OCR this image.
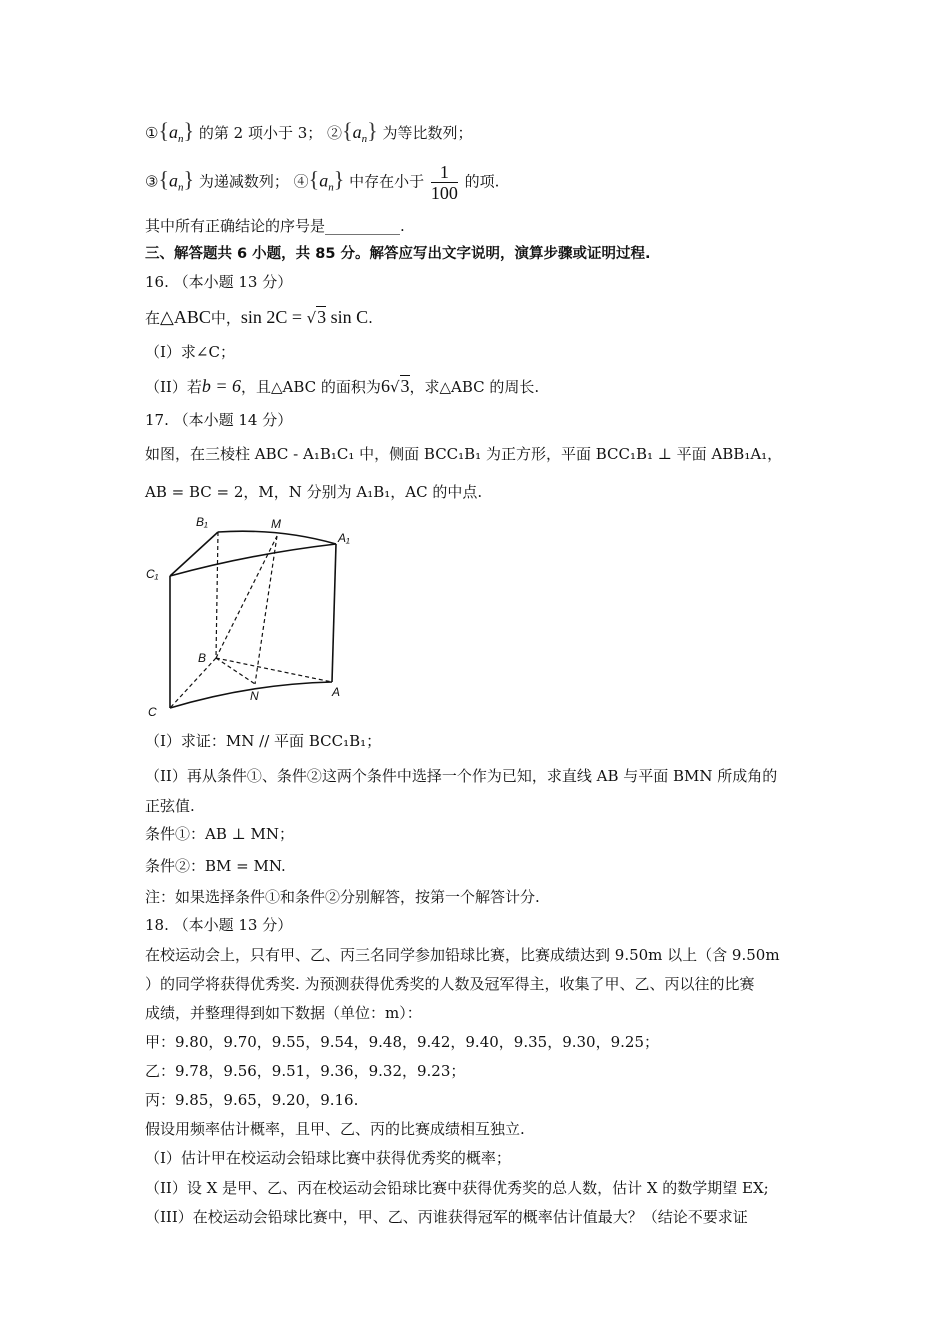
$①\{a_n\}$ 的第 2 项小于 3； $②\{a_n\}$ 为等比数列；
$③\{a_n\}$ 为递减数列； $④\{a_n\}$ 中存在小于 $\frac{1}{100}$ 的项.
其中所有正确结论的序号是__________.
三、解答题共 6 小题，共 85 分。解答应写出文字说明，演算步骤或证明过程.
16. （本小题 13 分）
在△ABC中，sin 2C = √3 sin C.
（I）求∠C；
（II）若b = 6，且△ABC 的面积为6√3，求△ABC 的周长.
17. （本小题 14 分）
如图，在三棱柱 ABC - A₁B₁C₁ 中，侧面 BCC₁B₁ 为正方形，平面 BCC₁B₁ ⊥ 平面 ABB₁A₁，
AB = BC = 2，M，N 分别为 A₁B₁，AC 的中点.
B₁	M
A₁
C₁
B
N	A
C
（I）求证：MN // 平面 BCC₁B₁；
（II）再从条件①、条件②这两个条件中选择一个作为已知，求直线 AB 与平面 BMN 所成角的
正弦值.
条件①：AB ⊥ MN；
条件②：BM = MN.
注：如果选择条件①和条件②分别解答，按第一个解答计分.
18. （本小题 13 分）
在校运动会上，只有甲、乙、丙三名同学参加铅球比赛，比赛成绩达到 9.50m 以上（含 9.50m
）的同学将获得优秀奖. 为预测获得优秀奖的人数及冠军得主，收集了甲、乙、丙以往的比赛
成绩，并整理得到如下数据（单位：m）：
甲：9.80，9.70，9.55，9.54，9.48，9.42，9.40，9.35，9.30，9.25；
乙：9.78，9.56，9.51，9.36，9.32，9.23；
丙：9.85，9.65，9.20，9.16.
假设用频率估计概率，且甲、乙、丙的比赛成绩相互独立.
（I）估计甲在校运动会铅球比赛中获得优秀奖的概率；
（II）设 X 是甲、乙、丙在校运动会铅球比赛中获得优秀奖的总人数，估计 X 的数学期望 EX;
（III）在校运动会铅球比赛中，甲、乙、丙谁获得冠军的概率估计值最大？（结论不要求证
